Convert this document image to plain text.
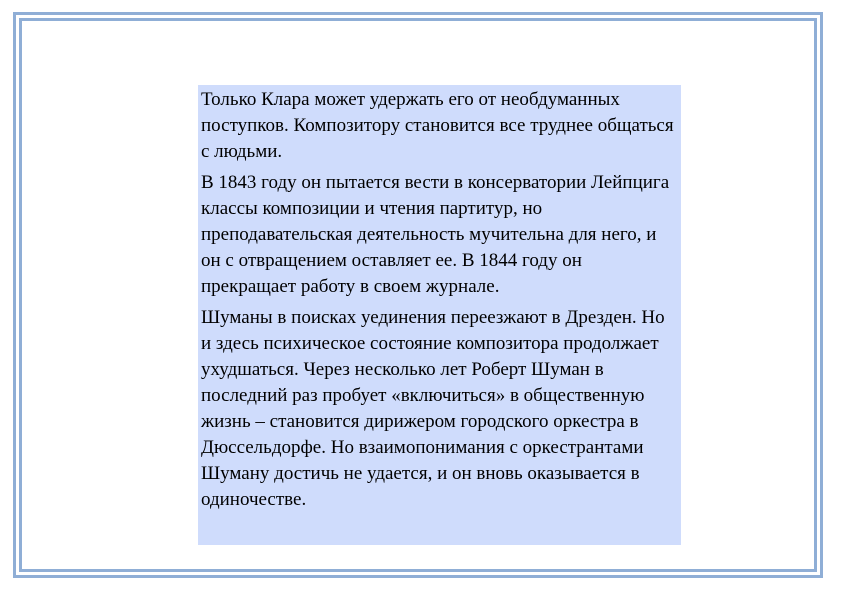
Только Клара может удержать его от необдуманных поступков. Композитору становится все труднее общаться с людьми.

В 1843 году он пытается вести в консерватории Лейпцига классы композиции и чтения партитур, но преподавательская деятельность мучительна для него, и он с отвращением оставляет ее. В 1844 году он прекращает работу в своем журнале.

Шуманы в поисках уединения переезжают в Дрезден. Но и здесь психическое состояние композитора продолжает ухудшаться. Через несколько лет Роберт Шуман в последний раз пробует «включиться» в общественную жизнь – становится дирижером городского оркестра в Дюссельдорфе. Но взаимопонимания с оркестрантами Шуману достичь не удается, и он вновь оказывается в одиночестве.
